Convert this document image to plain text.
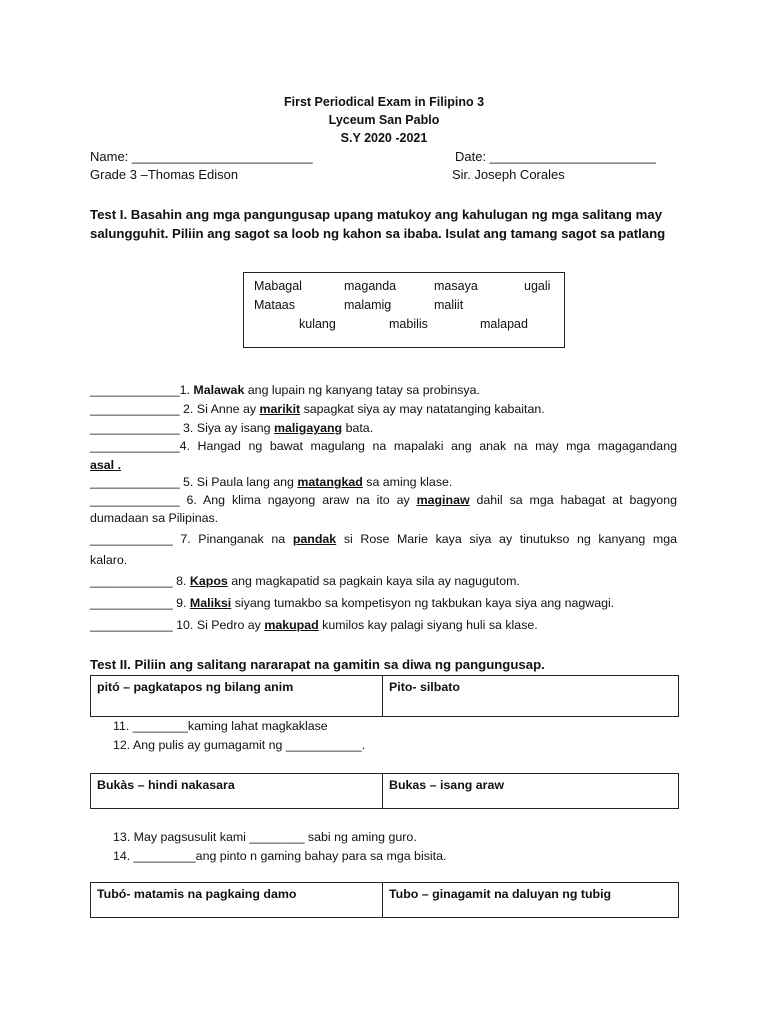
First Periodical Exam in Filipino 3
Lyceum San Pablo
S.Y 2020 -2021
Name: _________________________	Date: _______________________
Grade 3 –Thomas Edison	Sir. Joseph Corales
Test I. Basahin ang mga pangungusap upang matukoy ang kahulugan ng mga salitang may salungguhit. Piliin ang sagot sa loob ng kahon sa ibaba. Isulat ang tamang sagot sa patlang
Mabagal	maganda	masaya	ugali
Mataas	malamig	maliit
kulang	mabilis	malapad
_____________1. Malawak ang lupain ng kanyang tatay sa probinsya.
_____________ 2. Si Anne ay marikit sapagkat siya ay may natatanging kabaitan.
_____________ 3. Siya ay isang maligayang bata.
_____________4. Hangad ng bawat magulang na mapalaki ang anak na may mga magagandang
asal .
_____________ 5. Si Paula lang ang matangkad sa aming klase.
_____________ 6. Ang klima ngayong araw na ito ay maginaw dahil sa mga habagat at bagyong
dumadaan sa Pilipinas.
____________ 7. Pinanganak na pandak si Rose Marie kaya siya ay tinutukso ng kanyang mga
kalaro.
____________ 8. Kapos ang magkapatid sa pagkain kaya sila ay nagugutom.
____________ 9. Maliksi siyang tumakbo sa kompetisyon ng takbukan kaya siya ang nagwagi.
____________ 10. Si Pedro ay makupad kumilos kay palagi siyang huli sa klase.
Test II. Piliin ang salitang nararapat na gamitin sa diwa ng pangungusap.
pitó – pagkatapos ng bilang anim	Pito- silbato
11. ________kaming lahat magkaklase
12. Ang pulis ay gumagamit ng ___________.
Bukàs – hindi nakasara	Bukas – isang araw
13. May pagsusulit kami ________ sabi ng aming guro.
14. _________ang pinto n gaming bahay para sa mga bisita.
Tubó- matamis na pagkaing damo	Tubo – ginagamit na daluyan ng tubig
